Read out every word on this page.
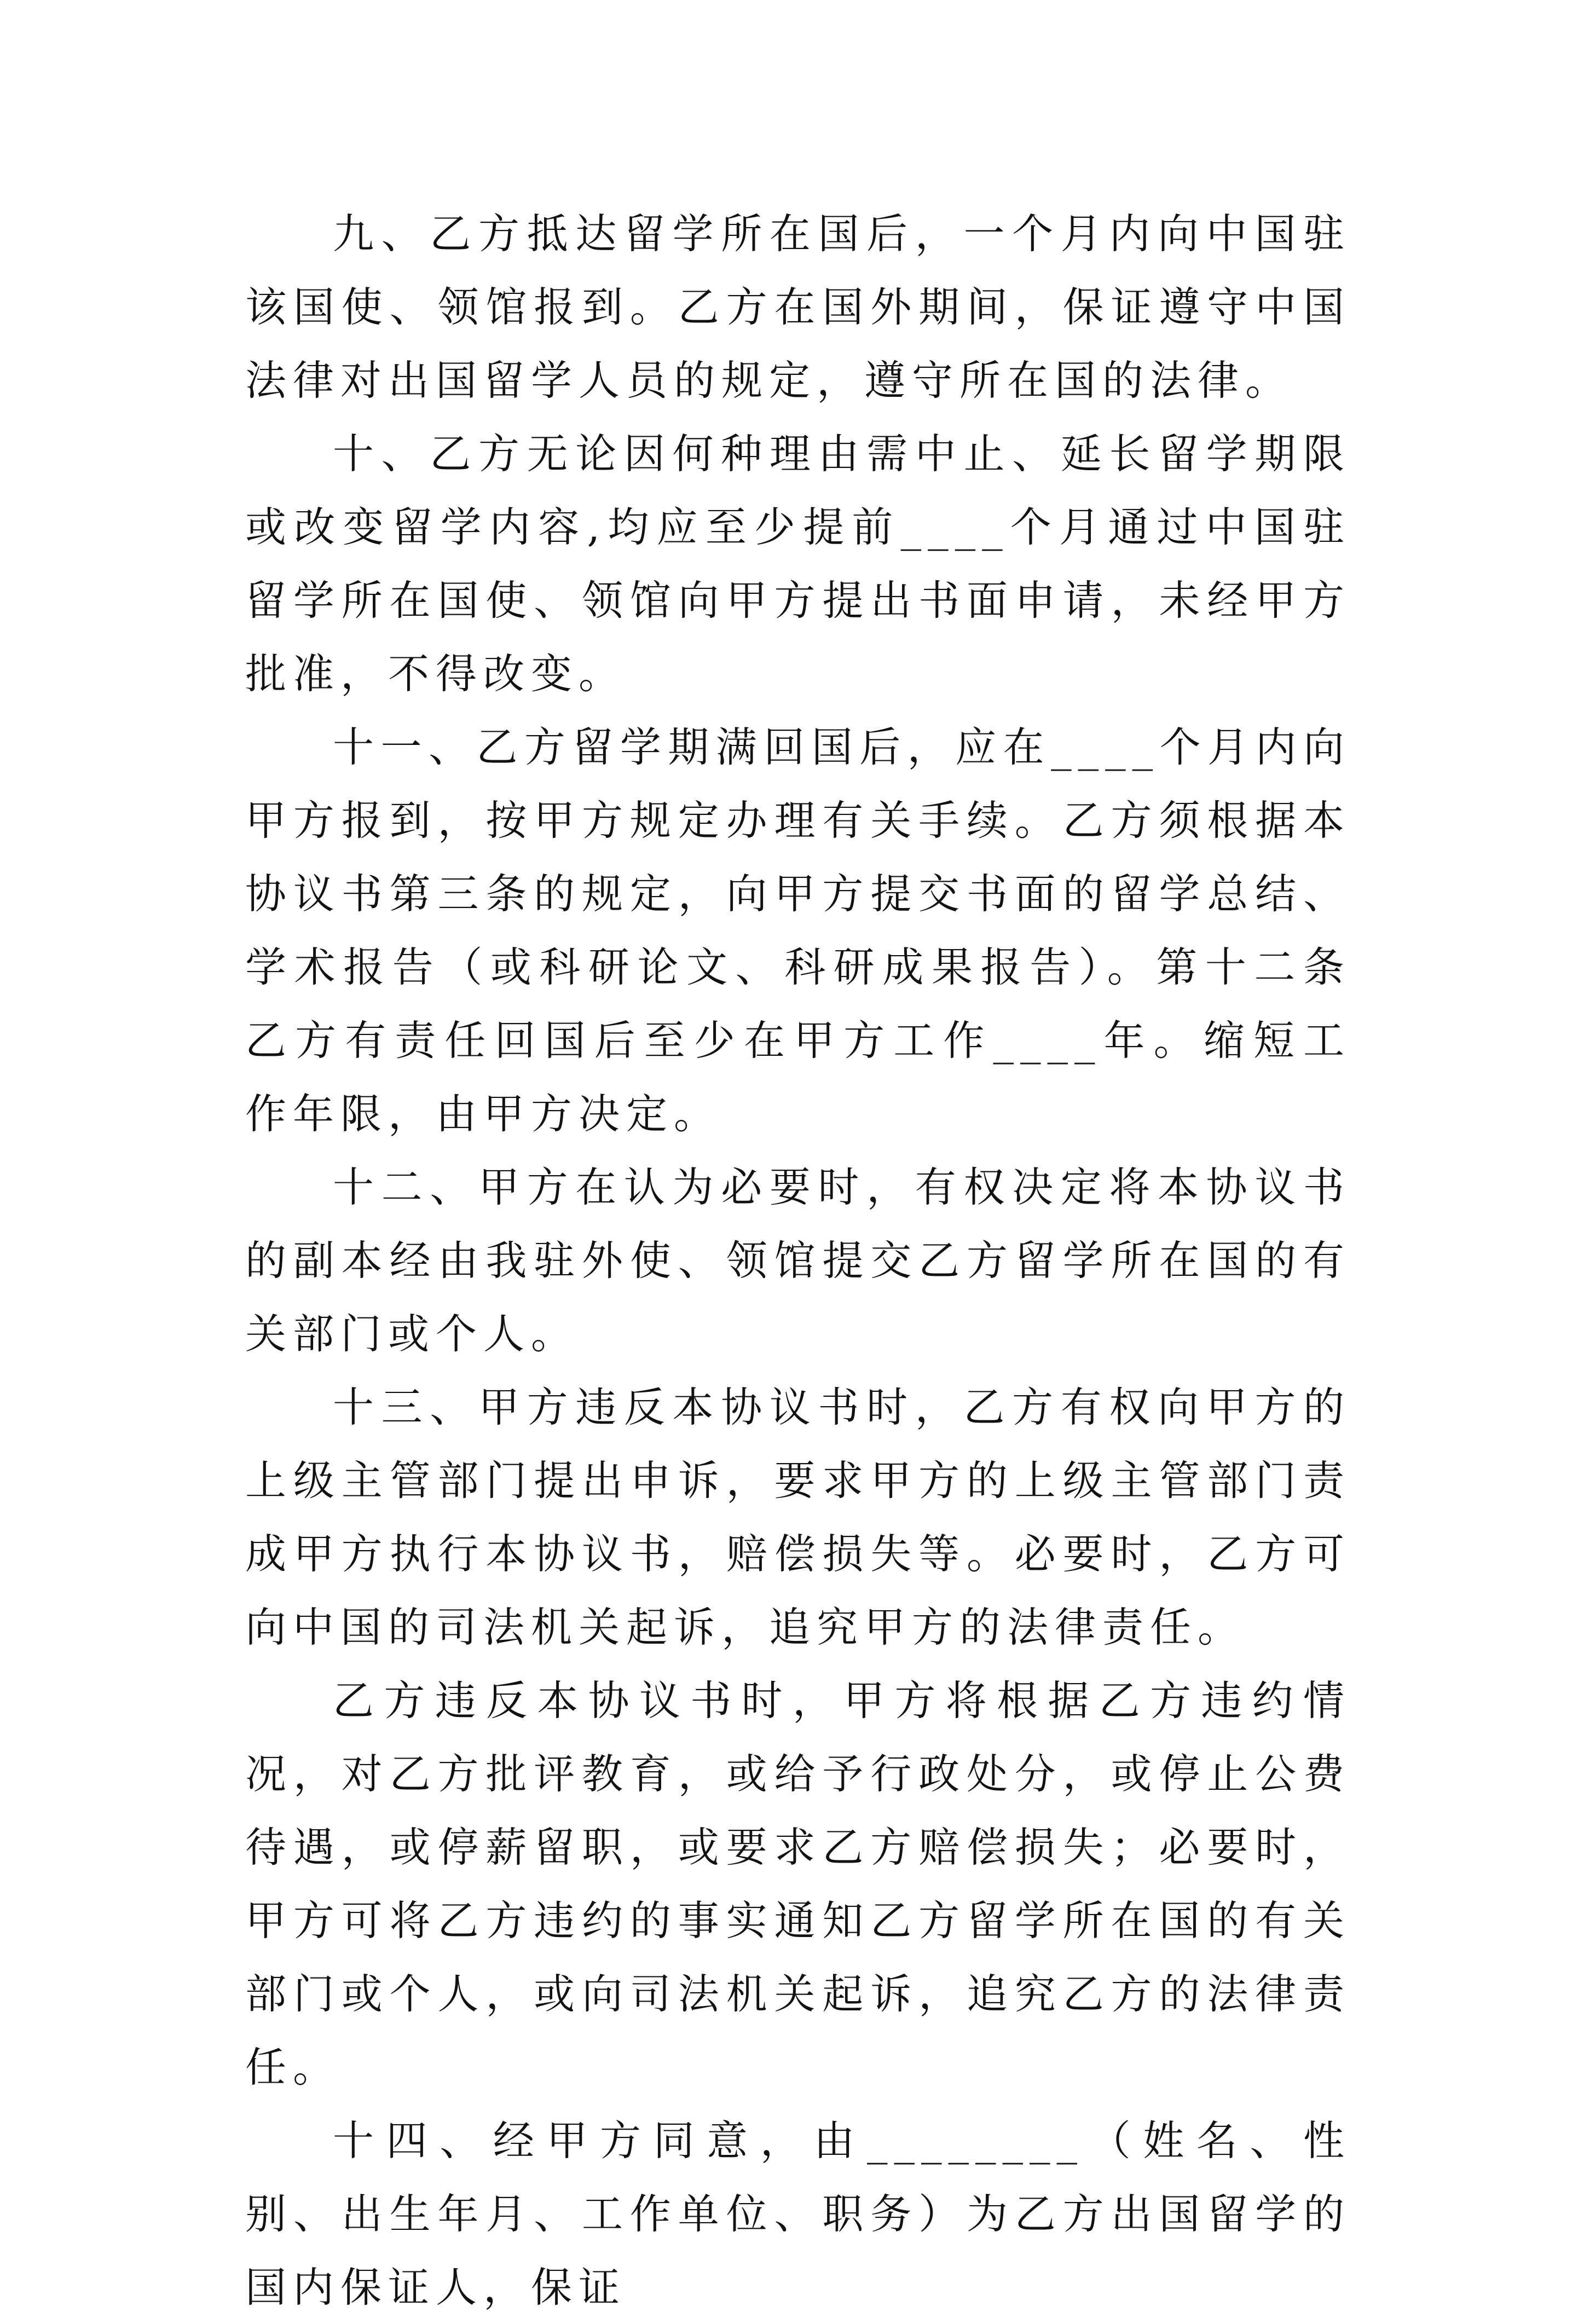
九、乙方抵达留学所在国后，一个月内向中国驻该国使、领馆报到。乙方在国外期间，保证遵守中国法律对出国留学人员的规定，遵守所在国的法律。

十、乙方无论因何种理由需中止、延长留学期限或改变留学内容,均应至少提前____个月通过中国驻留学所在国使、领馆向甲方提出书面申请，未经甲方批准，不得改变。

十一、乙方留学期满回国后，应在____个月内向甲方报到，按甲方规定办理有关手续。乙方须根据本协议书第三条的规定，向甲方提交书面的留学总结、学术报告（或科研论文、科研成果报告）。第十二条乙方有责任回国后至少在甲方工作____年。缩短工作年限，由甲方决定。

十二、甲方在认为必要时，有权决定将本协议书的副本经由我驻外使、领馆提交乙方留学所在国的有关部门或个人。

十三、甲方违反本协议书时，乙方有权向甲方的上级主管部门提出申诉，要求甲方的上级主管部门责成甲方执行本协议书，赔偿损失等。必要时，乙方可向中国的司法机关起诉，追究甲方的法律责任。

乙方违反本协议书时，甲方将根据乙方违约情况，对乙方批评教育，或给予行政处分，或停止公费待遇，或停薪留职，或要求乙方赔偿损失；必要时，甲方可将乙方违约的事实通知乙方留学所在国的有关部门或个人，或向司法机关起诉，追究乙方的法律责任。

十四、经甲方同意，由________（姓名、性别、出生年月、工作单位、职务）为乙方出国留学的国内保证人，保证
